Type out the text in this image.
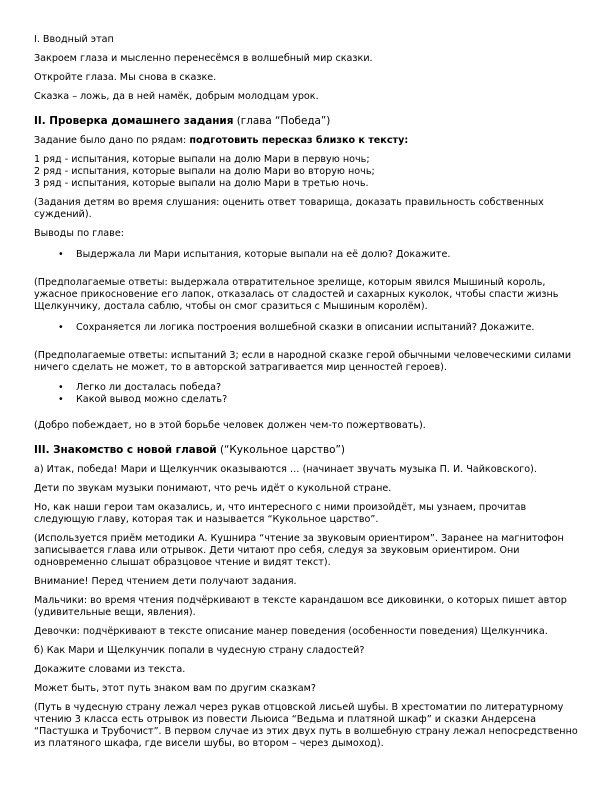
I. Вводный этап

Закроем глаза и мысленно перенесёмся в волшебный мир сказки.

Откройте глаза. Мы снова в сказке.

Сказка – ложь, да в ней намёк, добрым молодцам урок.

II. Проверка домашнего задания (глава “Победа”)

Задание было дано по рядам: подготовить пересказ близко к тексту:

1 ряд - испытания, которые выпали на долю Мари в первую ночь;

2 ряд - испытания, которые выпали на долю Мари во вторую ночь;

3 ряд - испытания, которые выпали на долю Мари в третью ночь.

(Задания детям во время слушания: оценить ответ товарища, доказать правильность собственных суждений).

Выводы по главе:

• Выдержала ли Мари испытания, которые выпали на её долю? Докажите.

(Предполагаемые ответы: выдержала отвратительное зрелище, которым явился Мышиный король, ужасное прикосновение его лапок, отказалась от сладостей и сахарных куколок, чтобы спасти жизнь Щелкунчику, достала саблю, чтобы он смог сразиться с Мышиным королём).

• Сохраняется ли логика построения волшебной сказки в описании испытаний? Докажите.

(Предполагаемые ответы: испытаний 3; если в народной сказке герой обычными человеческими силами ничего сделать не может, то в авторской затрагивается мир ценностей героев).

• Легко ли досталась победа?
• Какой вывод можно сделать?

(Добро побеждает, но в этой борьбе человек должен чем-то пожертвовать).

III. Знакомство с новой главой (“Кукольное царство”)

а) Итак, победа! Мари и Щелкунчик оказываются … (начинает звучать музыка П. И. Чайковского).

Дети по звукам музыки понимают, что речь идёт о кукольной стране.

Но, как наши герои там оказались, и, что интересного с ними произойдёт, мы узнаем, прочитав следующую главу, которая так и называется “Кукольное царство”.

(Используется приём методики А. Кушнира “чтение за звуковым ориентиром”. Заранее на магнитофон записывается глава или отрывок. Дети читают про себя, следуя за звуковым ориентиром. Они одновременно слышат образцовое чтение и видят текст).

Внимание! Перед чтением дети получают задания.

Мальчики: во время чтения подчёркивают в тексте карандашом все диковинки, о которых пишет автор (удивительные вещи, явления).

Девочки: подчёркивают в тексте описание манер поведения (особенности поведения) Щелкунчика.

б) Как Мари и Щелкунчик попали в чудесную страну сладостей?

Докажите словами из текста.

Может быть, этот путь знаком вам по другим сказкам?

(Путь в чудесную страну лежал через рукав отцовской лисьей шубы. В хрестоматии по литературному чтению 3 класса есть отрывок из повести Льюиса “Ведьма и платяной шкаф” и сказки Андерсена “Пастушка и Трубочист”. В первом случае из этих двух путь в волшебную страну лежал непосредственно из платяного шкафа, где висели шубы, во втором – через дымоход).
